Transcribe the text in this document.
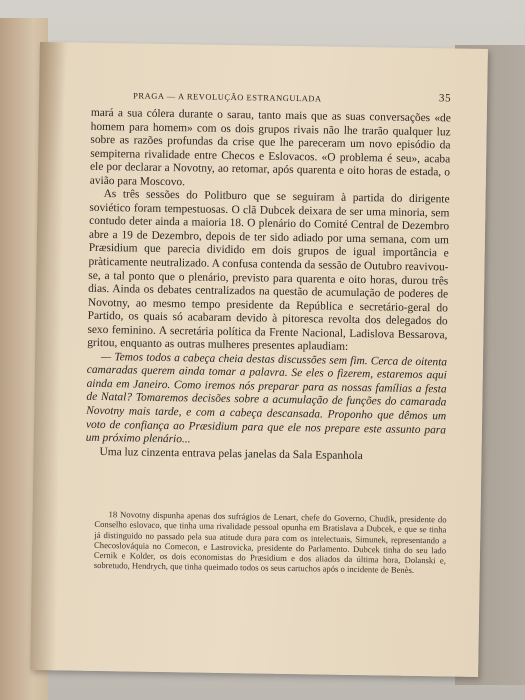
PRAGA — A REVOLUÇÃO ESTRANGULADA	35

mará a sua cólera durante o sarau, tanto mais que as suas conversações «de homem para homem» com os dois grupos rivais não lhe trarão qualquer luz sobre as razões profundas da crise que lhe pareceram um novo episódio da sempiterna rivalidade entre Checos e Eslovacos. «O problema é seu», acaba ele por declarar a Novotny, ao retomar, após quarenta e oito horas de estada, o avião para Moscovo.

As três sessões do Politburo que se seguiram à partida do dirigente soviético foram tempestuosas. O clã Dubcek deixara de ser uma minoria, sem contudo deter ainda a maioria 18. O plenário do Comité Central de Dezembro abre a 19 de Dezembro, depois de ter sido adiado por uma semana, com um Præsidium que parecia dividido em dois grupos de igual importância e pràticamente neutralizado. A confusa contenda da sessão de Outubro reavivou-se, a tal ponto que o plenário, previsto para quarenta e oito horas, durou três dias. Ainda os debates centralizados na questão de acumulação de poderes de Novotny, ao mesmo tempo presidente da República e secretário-geral do Partido, os quais só acabaram devido à pitoresca revolta dos delegados do sexo feminino. A secretária política da Frente Nacional, Ladislova Bessarova, gritou, enquanto as outras mulheres presentes aplaudiam:

— Temos todos a cabeça cheia destas discussões sem fim. Cerca de oitenta camaradas querem ainda tomar a palavra. Se eles o fizerem, estaremos aqui ainda em Janeiro. Como iremos nós preparar para as nossas famílias a festa de Natal? Tomaremos decisões sobre a acumulação de funções do camarada Novotny mais tarde, e com a cabeça descansada. Proponho que dêmos um voto de confiança ao Præsidium para que ele nos prepare este assunto para um próximo plenário...

Uma luz cinzenta entrava pelas janelas da Sala Espanhola

18 Novotny dispunha apenas dos sufrágios de Lenart, chefe do Governo, Chudik, presidente do Conselho eslovaco, que tinha uma rivalidade pessoal opunha em Bratislava a Dubcek, e que se tinha já distinguido no passado pela sua atitude dura para com os intelectuais, Simunek, representando a Checoslováquia no Comecon, e Lastrovicka, presidente do Parlamento. Dubcek tinha do seu lado Cernik e Kolder, os dois economistas do Præsidium e dos aliados da última hora, Dolanski e, sobretudo, Hendrych, que tinha queimado todos os seus cartuchos após o incidente de Benès.
